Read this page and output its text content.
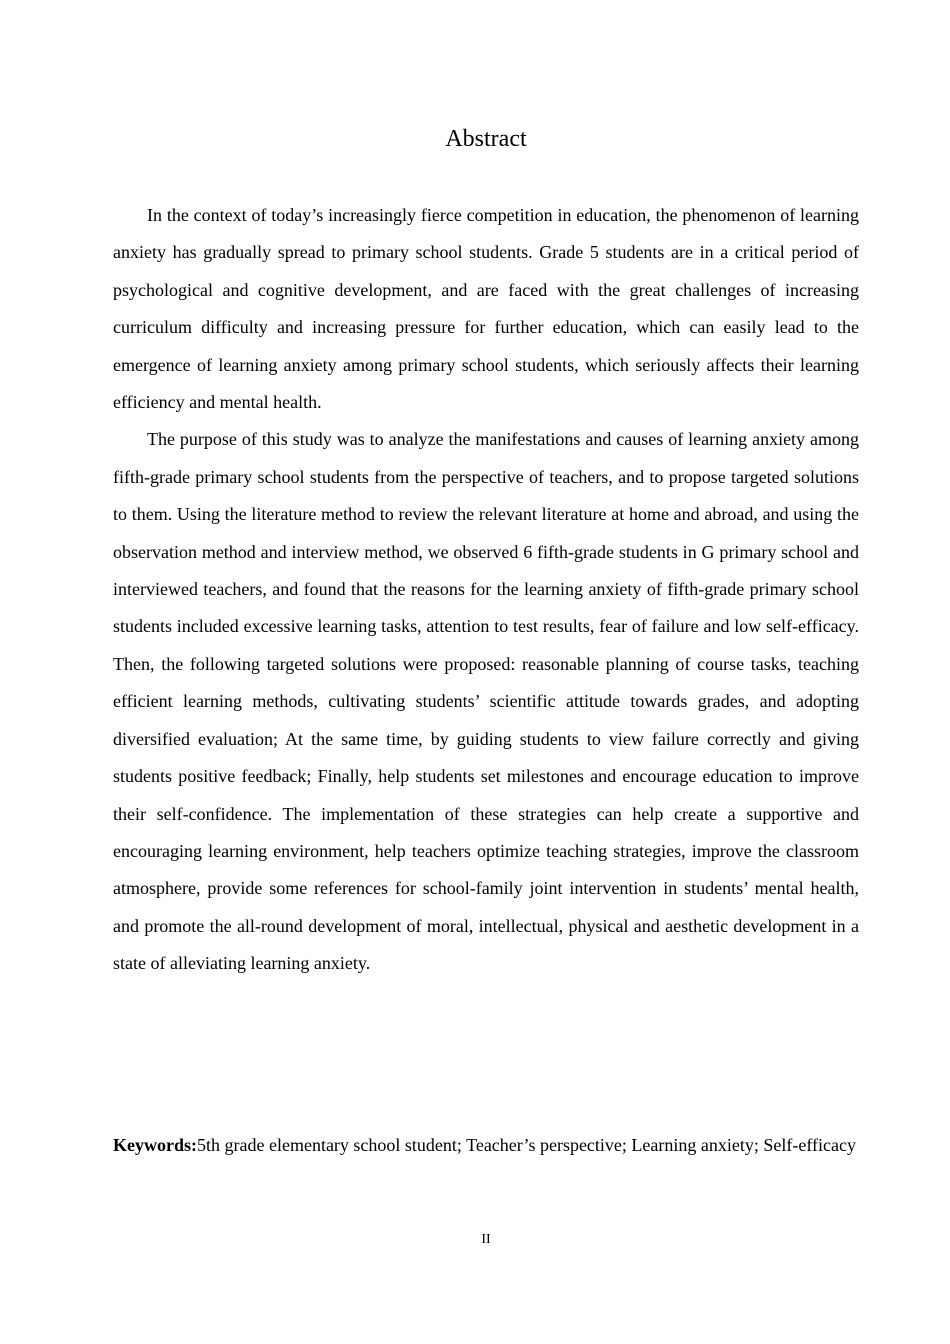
Abstract

In the context of today’s increasingly fierce competition in education, the phenomenon of learning anxiety has gradually spread to primary school students. Grade 5 students are in a critical period of psychological and cognitive development, and are faced with the great challenges of increasing curriculum difficulty and increasing pressure for further education, which can easily lead to the emergence of learning anxiety among primary school students, which seriously affects their learning efficiency and mental health.

The purpose of this study was to analyze the manifestations and causes of learning anxiety among fifth-grade primary school students from the perspective of teachers, and to propose targeted solutions to them. Using the literature method to review the relevant literature at home and abroad, and using the observation method and interview method, we observed 6 fifth-grade students in G primary school and interviewed teachers, and found that the reasons for the learning anxiety of fifth-grade primary school students included excessive learning tasks, attention to test results, fear of failure and low self-efficacy. Then, the following targeted solutions were proposed: reasonable planning of course tasks, teaching efficient learning methods, cultivating students’ scientific attitude towards grades, and adopting diversified evaluation; At the same time, by guiding students to view failure correctly and giving students positive feedback; Finally, help students set milestones and encourage education to improve their self-confidence. The implementation of these strategies can help create a supportive and encouraging learning environment, help teachers optimize teaching strategies, improve the classroom atmosphere, provide some references for school-family joint intervention in students’ mental health, and promote the all-round development of moral, intellectual, physical and aesthetic development in a state of alleviating learning anxiety.

Keywords:5th grade elementary school student; Teacher’s perspective; Learning anxiety; Self-efficacy

II
